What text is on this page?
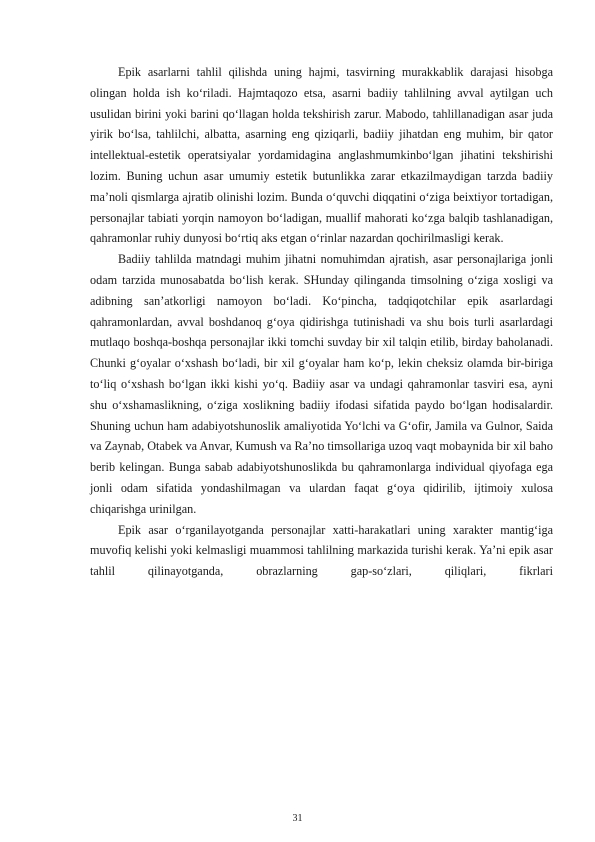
Epik asarlarni tahlil qilishda uning hajmi, tasvirning murakkablik darajasi hisobga olingan holda ish ko‘riladi. Hajmtaqozo etsa, asarni badiiy tahlilning avval aytilgan uch usulidan birini yoki barini qo‘llagan holda tekshirish zarur. Mabodo, tahlillanadigan asar juda yirik bo‘lsa, tahlilchi, albatta, asarning eng qiziqarli, badiiy jihatdan eng muhim, bir qator intellektual-estetik operatsiyalar yordamidagina anglashmumkinbo‘lgan jihatini tekshirishi lozim. Buning uchun asar umumiy estetik butunlikka zarar etkazilmaydigan tarzda badiiy ma’noli qismlarga ajratib olinishi lozim. Bunda o‘quvchi diqqatini o‘ziga beixtiyor tortadigan, personajlar tabiati yorqin namoyon bo‘ladigan, muallif mahorati ko‘zga balqib tashlanadigan, qahramonlar ruhiy dunyosi bo‘rtiq aks etgan o‘rinlar nazardan qochirilmasligi kerak.

Badiiy tahlilda matndagi muhim jihatni nomuhimdan ajratish, asar personajlariga jonli odam tarzida munosabatda bo‘lish kerak. SHunday qilinganda timsolning o‘ziga xosligi va adibning san’atkorligi namoyon bo‘ladi. Ko‘pincha, tadqiqotchilar epik asarlardagi qahramonlardan, avval boshdanoq g‘oya qidirishga tutinishadi va shu bois turli asarlardagi mutlaqo boshqa-boshqa personajlar ikki tomchi suvday bir xil talqin etilib, birday baholanadi. Chunki g‘oyalar o‘xshash bo‘ladi, bir xil g‘oyalar ham ko‘p, lekin cheksiz olamda bir-biriga to‘liq o‘xshash bo‘lgan ikki kishi yo‘q. Badiiy asar va undagi qahramonlar tasviri esa, ayni shu o‘xshamaslikning, o‘ziga xoslikning badiiy ifodasi sifatida paydo bo‘lgan hodisalardir. Shuning uchun ham adabiyotshunoslik amaliyotida Yo‘lchi va G‘ofir, Jamila va Gulnor, Saida va Zaynab, Otabek va Anvar, Kumush va Ra’no timsollariga uzoq vaqt mobaynida bir xil baho berib kelingan. Bunga sabab adabiyotshunoslikda bu qahramonlarga individual qiyofaga ega jonli odam sifatida yondashilmagan va ulardan faqat g‘oya qidirilib, ijtimoiy xulosa chiqarishga urinilgan.

Epik asar o‘rganilayotganda personajlar xatti-harakatlari uning xarakter mantig‘iga muvofiq kelishi yoki kelmasligi muammosi tahlilning markazida turishi kerak. Ya’ni epik asar tahlil qilinayotganda, obrazlarning gap-so‘zlari, qiliqlari, fikrlari

31
